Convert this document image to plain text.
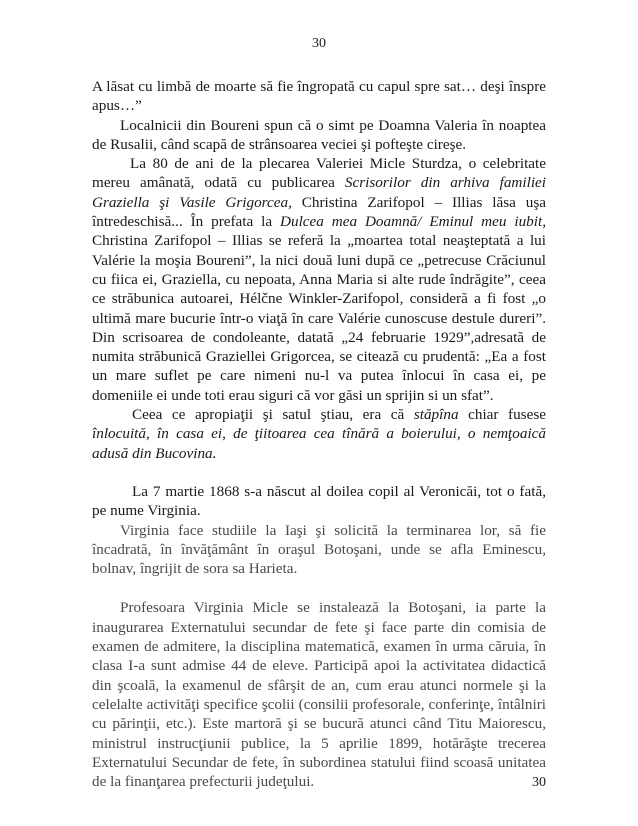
30

A lăsat cu limbă de moarte să fie îngropată cu capul spre sat… deşi înspre apus…”

Localnicii din Boureni spun că o simt pe Doamna Valeria în noaptea de Rusalii, când scapă de strânsoarea veciei şi pofteşte cireşe.

La 80 de ani de la plecarea Valeriei Micle Sturdza, o celebritate mereu amânată, odată cu publicarea Scrisorilor din arhiva familiei Graziella şi Vasile Grigorcea, Christina Zarifopol – Illias lăsa uşa întredeschisă... În prefata la Dulcea mea Doamnă/ Eminul meu iubit, Christina Zarifopol – Illias se referă la „moartea total neaşteptată a lui Valérie la moşia Boureni”, la nici două luni după ce „petrecuse Crăciunul cu fiica ei, Graziella, cu nepoata, Anna Maria si alte rude îndrăgite”, ceea ce străbunica autoarei, Hélčne Winkler-Zarifopol, consideră a fi fost „o ultimă mare bucurie într-o viaţă în care Valérie cunoscuse destule dureri”. Din scrisoarea de condoleante, datată „24 februarie 1929”,adresată de numita străbunică Graziellei Grigorcea, se citează cu prudentă: „Ea a fost un mare suflet pe care nimeni nu-l va putea înlocui în casa ei, pe domeniile ei unde toti erau siguri că vor găsi un sprijin si un sfat”.

Ceea ce apropiaţii şi satul ştiau, era că stăpîna chiar fusese înlocuită, în casa ei, de ţiitoarea cea tînără a boierului, o nemţoaică adusă din Bucovina.

La 7 martie 1868 s-a născut al doilea copil al Veronicăi, tot o fată, pe nume Virginia.

Virginia face studiile la Iaşi şi solicită la terminarea lor, să fie încadrată, în învăţământ în oraşul Botoşani, unde se afla Eminescu, bolnav, îngrijit de sora sa Harieta.

Profesoara Virginia Micle se instalează la Botoşani, ia parte la inaugurarea Externatului secundar de fete şi face parte din comisia de examen de admitere, la disciplina matematică, examen în urma căruia, în clasa I-a sunt admise 44 de eleve. Participă apoi la activitatea didactică din şcoală, la examenul de sfârşit de an, cum erau atunci normele şi la celelalte activităţi specifice şcolii (consilii profesorale, conferinţe, întâlniri cu părinţii, etc.). Este martoră şi se bucură atunci când Titu Maiorescu, ministrul instrucţiunii publice, la 5 aprilie 1899, hotărăşte trecerea Externatului Secundar de fete, în subordinea statului fiind scoasă unitatea de la finanţarea prefecturii judeţului.	30
